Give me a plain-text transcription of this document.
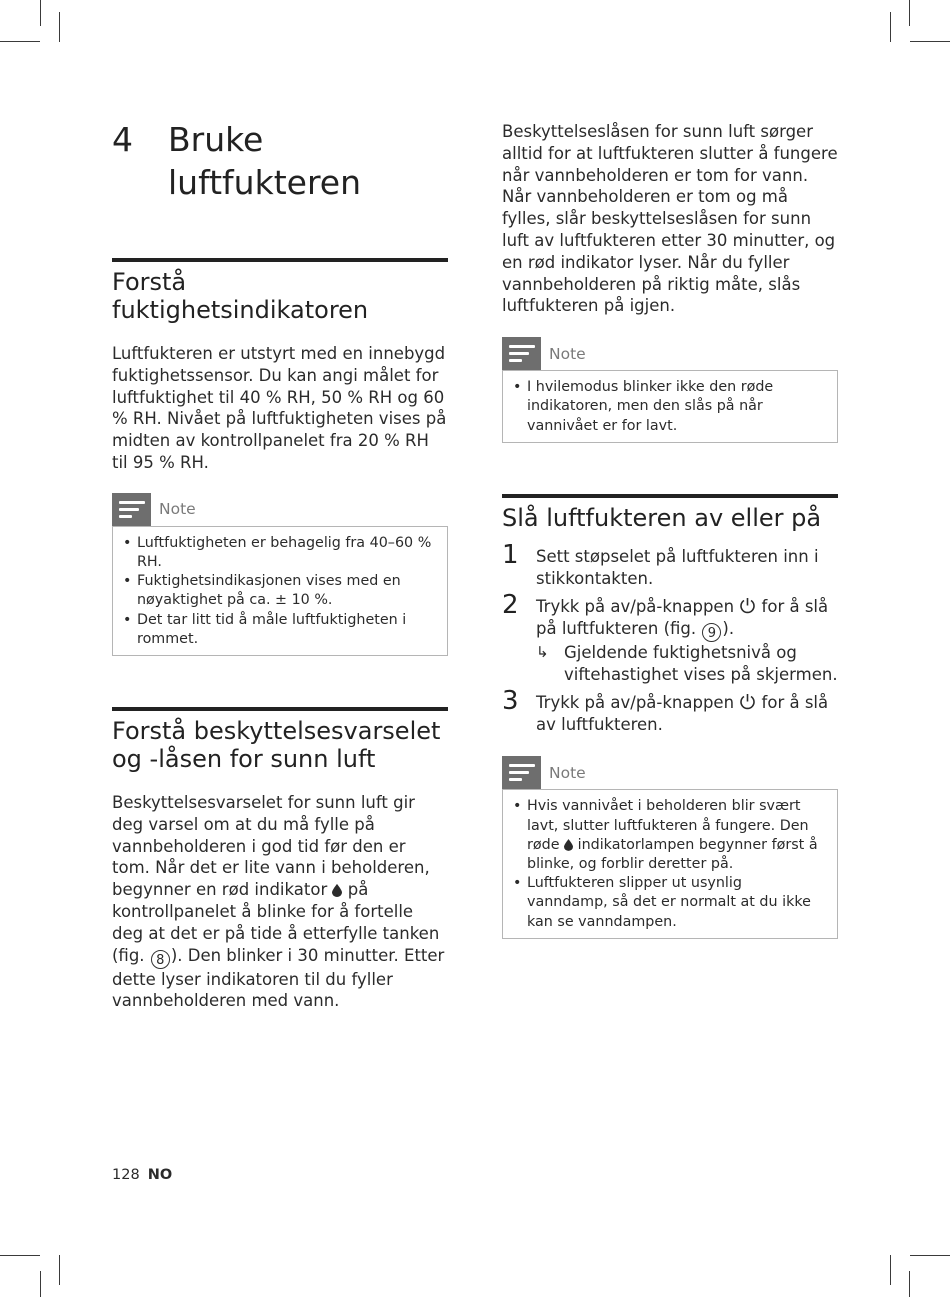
4	Bruke luftfukteren
Forstå fuktighetsindikatoren

Luftfukteren er utstyrt med en innebygd fuktighetssensor. Du kan angi målet for luftfuktighet til 40 % RH, 50 % RH og 60 % RH. Nivået på luftfuktigheten vises på midten av kontrollpanelet fra 20 % RH til 95 % RH.

Note
• Luftfuktigheten er behagelig fra 40–60 % RH.
• Fuktighetsindikasjonen vises med en nøyaktighet på ca. ± 10 %.
• Det tar litt tid å måle luftfuktigheten i rommet.
Forstå beskyttelsesvarselet og -låsen for sunn luft

Beskyttelsesvarselet for sunn luft gir deg varsel om at du må fylle på vannbeholderen i god tid før den er tom. Når det er lite vann i beholderen, begynner en rød indikator på kontrollpanelet å blinke for å fortelle deg at det er på tide å etterfylle tanken (fig. 8 ). Den blinker i 30 minutter. Etter dette lyser indikatoren til du fyller vannbeholderen med vann.

Beskyttelseslåsen for sunn luft sørger alltid for at luftfukteren slutter å fungere når vannbeholderen er tom for vann. Når vannbeholderen er tom og må fylles, slår beskyttelseslåsen for sunn luft av luftfukteren etter 30 minutter, og en rød indikator lyser. Når du fyller vannbeholderen på riktig måte, slås luftfukteren på igjen.

Note
• I hvilemodus blinker ikke den røde indikatoren, men den slås på når vannivået er for lavt.
Slå luftfukteren av eller på
1 Sett støpselet på luftfukteren inn i stikkontakten.
2 Trykk på av/på-knappen for å slå på luftfukteren (fig. 9 ).
↳ Gjeldende fuktighetsnivå og viftehastighet vises på skjermen.
3 Trykk på av/på-knappen for å slå av luftfukteren.
Note
• Hvis vannivået i beholderen blir svært lavt, slutter luftfukteren å fungere. Den røde indikatorlampen begynner først å blinke, og forblir deretter på.
• Luftfukteren slipper ut usynlig vanndamp, så det er normalt at du ikke kan se vanndampen.
128 NO
